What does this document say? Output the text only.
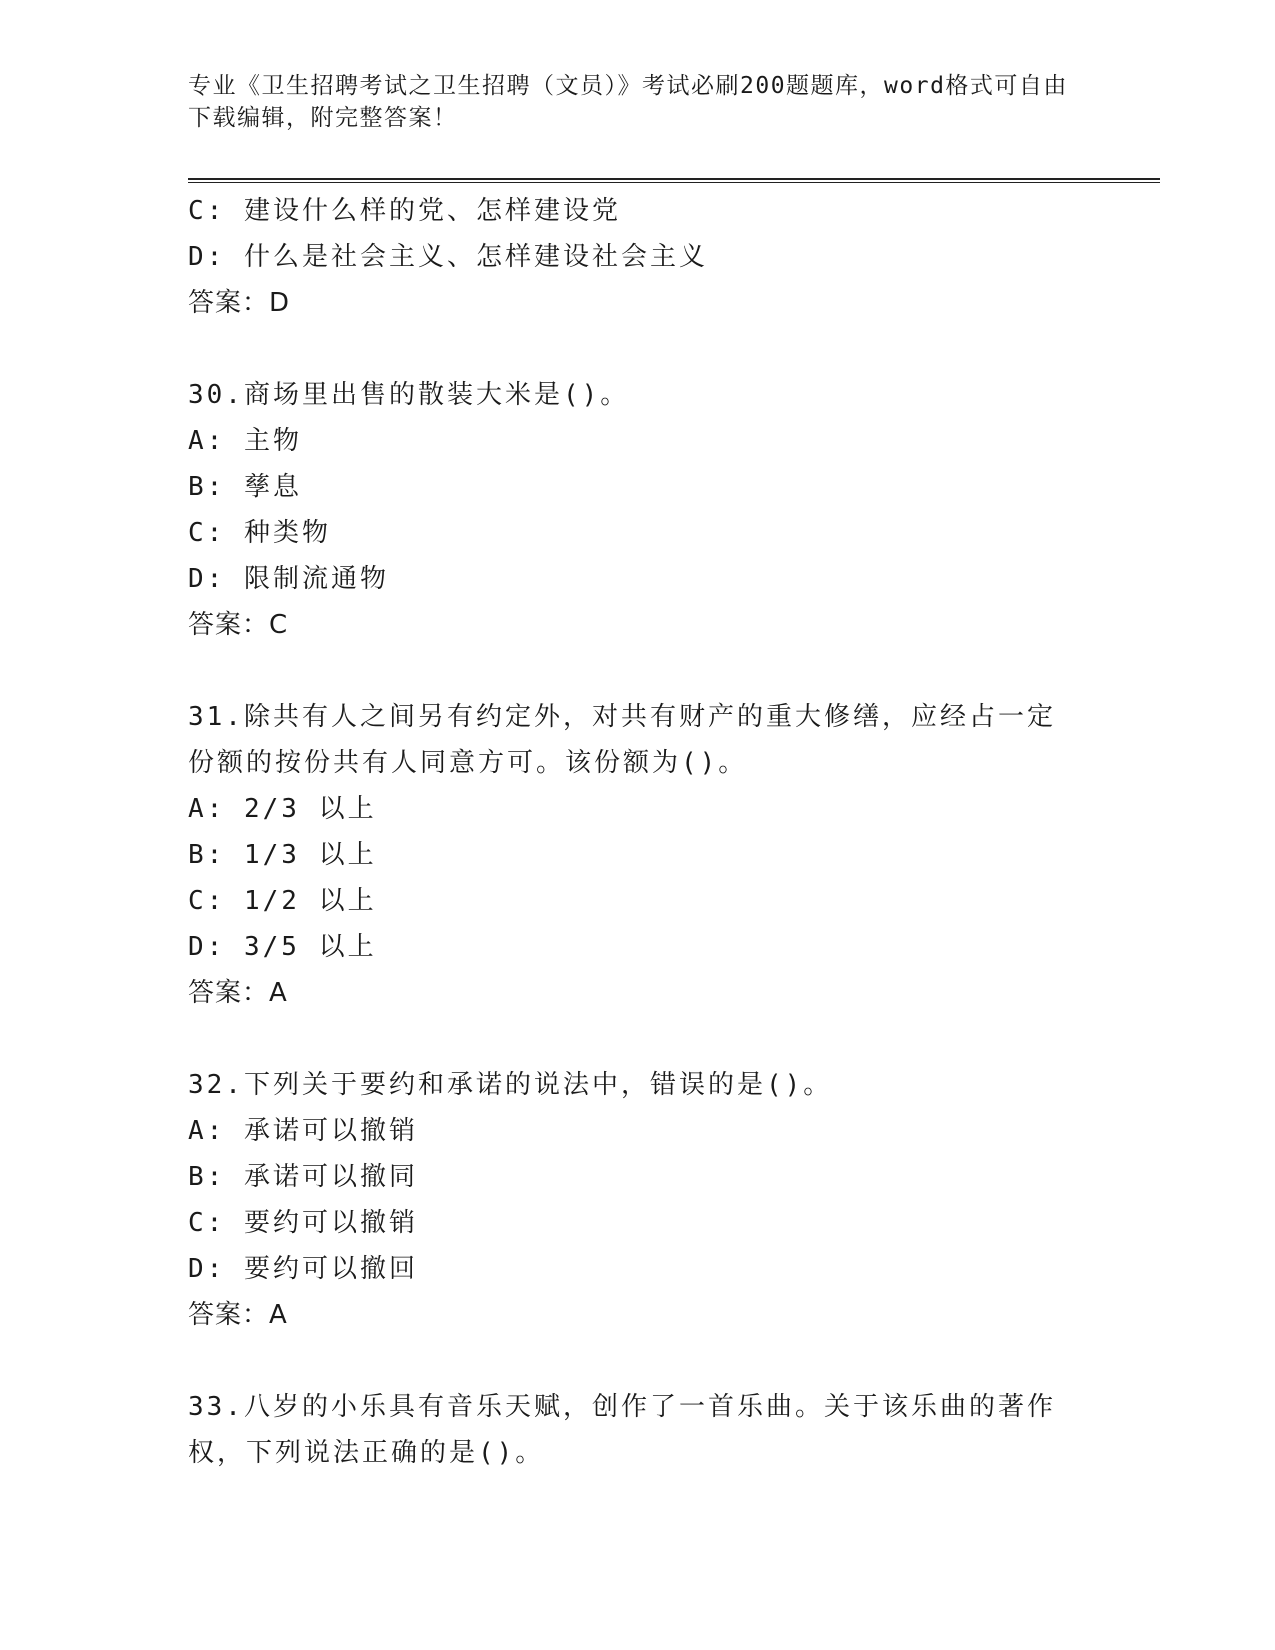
专业《卫生招聘考试之卫生招聘（文员）》考试必刷200题题库，word格式可自由下载编辑，附完整答案！
C: 建设什么样的党、怎样建设党
D: 什么是社会主义、怎样建设社会主义
答案：D
30.商场里出售的散装大米是()。
A: 主物
B: 孳息
C: 种类物
D: 限制流通物
答案：C
31.除共有人之间另有约定外，对共有财产的重大修缮，应经占一定份额的按份共有人同意方可。该份额为()。
A: 2/3 以上
B: 1/3 以上
C: 1/2 以上
D: 3/5 以上
答案：A
32.下列关于要约和承诺的说法中，错误的是()。
A: 承诺可以撤销
B: 承诺可以撤同
C: 要约可以撤销
D: 要约可以撤回
答案：A
33.八岁的小乐具有音乐天赋，创作了一首乐曲。关于该乐曲的著作权，下列说法正确的是()。
